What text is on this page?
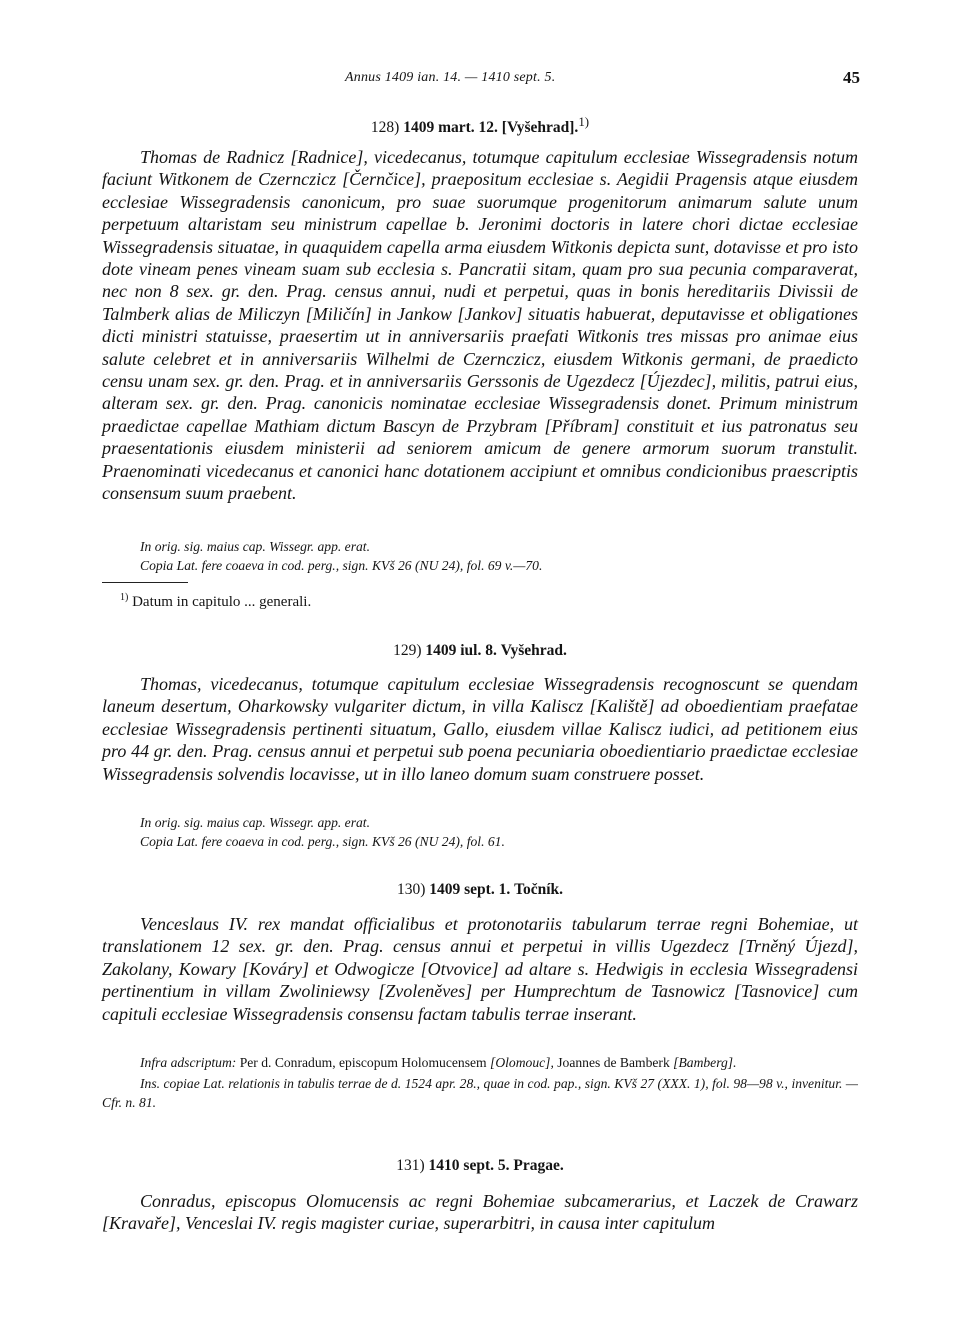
Annus 1409 ian. 14. — 1410 sept. 5.	45
128) 1409 mart. 12. [Vyšehrad].$^{1)}$
Thomas de Radnicz [Radnice], vicedecanus, totumque capitulum ecclesiae Wissegradensis notum faciunt Witkonem de Czernczicz [Černčice], praepositum ecclesiae s. Aegidii Pragensis atque eiusdem ecclesiae Wissegradensis canonicum, pro suae suorumque progenitorum animarum salute unum perpetuum altaristam seu ministrum capellae b. Jeronimi doctoris in latere chori dictae ecclesiae Wissegradensis situatae, in quaquidem capella arma eiusdem Witkonis depicta sunt, dotavisse et pro isto dote vineam penes vineam suam sub ecclesia s. Pancratii sitam, quam pro sua pecunia comparaverat, nec non 8 sex. gr. den. Prag. census annui, nudi et perpetui, quas in bonis hereditariis Divissii de Talmberk alias de Miliczyn [Miličín] in Jankow [Jankov] situatis habuerat, deputavisse et obligationes dicti ministri statuisse, praesertim ut in anniversariis praefati Witkonis tres missas pro animae eius salute celebret et in anniversariis Wilhelmi de Czernczicz, eiusdem Witkonis germani, de praedicto censu unam sex. gr. den. Prag. et in anniversariis Gerssonis de Ugezdecz [Újezdec], militis, patrui eius, alteram sex. gr. den. Prag. canonicis nominatae ecclesiae Wissegradensis donet. Primum ministrum praedictae capellae Mathiam dictum Bascyn de Przybram [Příbram] constituit et ius patronatus seu praesentationis eiusdem ministerii ad seniorem amicum de genere armorum suorum transtulit. Praenominati vicedecanus et canonici hanc dotationem accipiunt et omnibus condicionibus praescriptis consensum suum praebent.
In orig. sig. maius cap. Wissegr. app. erat.
Copia Lat. fere coaeva in cod. perg., sign. KVš 26 (NU 24), fol. 69 v.—70.
$^{1)}$ Datum in capitulo ... generali.
129) 1409 iul. 8. Vyšehrad.
Thomas, vicedecanus, totumque capitulum ecclesiae Wissegradensis recognoscunt se quendam laneum desertum, Oharkowsky vulgariter dictum, in villa Kaliscz [Kaliště] ad oboedientiam praefatae ecclesiae Wissegradensis pertinenti situatum, Gallo, eiusdem villae Kaliscz iudici, ad petitionem eius pro 44 gr. den. Prag. census annui et perpetui sub poena pecuniaria oboedientiario praedictae ecclesiae Wissegradensis solvendis locavisse, ut in illo laneo domum suam construere posset.
In orig. sig. maius cap. Wissegr. app. erat.
Copia Lat. fere coaeva in cod. perg., sign. KVš 26 (NU 24), fol. 61.
130) 1409 sept. 1. Točník.
Venceslaus IV. rex mandat officialibus et protonotariis tabularum terrae regni Bohemiae, ut translationem 12 sex. gr. den. Prag. census annui et perpetui in villis Ugezdecz [Trněný Újezd], Zakolany, Kowary [Kováry] et Odwogicze [Otvovice] ad altare s. Hedwigis in ecclesia Wissegradensi pertinentium in villam Zwoliniewsy [Zvoleněves] per Humprechtum de Tasnowicz [Tasnovice] cum capituli ecclesiae Wissegradensis consensu factam tabulis terrae inserant.
Infra adscriptum: Per d. Conradum, episcopum Holomucensem [Olomouc], Joannes de Bamberk [Bamberg].
Ins. copiae Lat. relationis in tabulis terrae de d. 1524 apr. 28., quae in cod. pap., sign. KVš 27 (XXX. 1), fol. 98—98 v., invenitur. — Cfr. n. 81.
131) 1410 sept. 5. Pragae.
Conradus, episcopus Olomucensis ac regni Bohemiae subcamerarius, et Laczek de Crawarz [Kravaře], Venceslai IV. regis magister curiae, superarbitri, in causa inter capitulum
